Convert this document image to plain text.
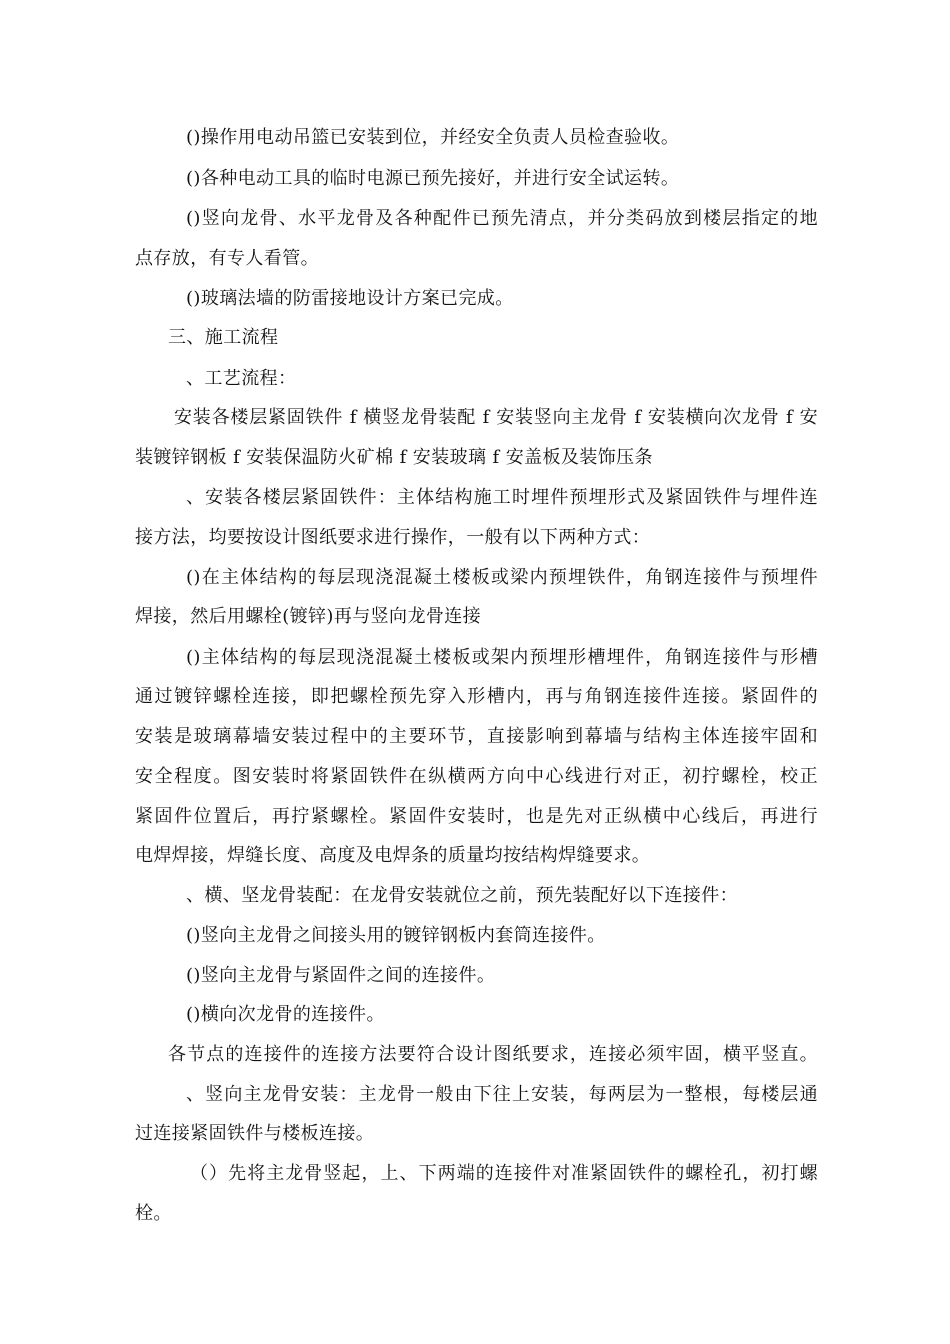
()操作用电动吊篮已安装到位，并经安全负责人员检查验收。
()各种电动工具的临时电源已预先接好，并进行安全试运转。
()竖向龙骨、水平龙骨及各种配件已预先清点，并分类码放到楼层指定的地
点存放，有专人看管。
()玻璃法墙的防雷接地设计方案已完成。
三、施工流程
、工艺流程：
安装各楼层紧固铁件 f 横竖龙骨装配 f 安装竖向主龙骨 f 安装横向次龙骨 f 安
装镀锌钢板 f 安装保温防火矿棉 f 安装玻璃 f 安盖板及装饰压条
、安装各楼层紧固铁件：主体结构施工时埋件预埋形式及紧固铁件与埋件连
接方法，均要按设计图纸要求进行操作，一般有以下两种方式：
()在主体结构的每层现浇混凝土楼板或梁内预埋铁件，角钢连接件与预埋件
焊接，然后用螺栓(镀锌)再与竖向龙骨连接
()主体结构的每层现浇混凝土楼板或架内预埋形槽埋件，角钢连接件与形槽
通过镀锌螺栓连接，即把螺栓预先穿入形槽内，再与角钢连接件连接。紧固件的
安装是玻璃幕墙安装过程中的主要环节，直接影响到幕墙与结构主体连接牢固和
安全程度。图安装时将紧固铁件在纵横两方向中心线进行对正，初拧螺栓，校正
紧固件位置后，再拧紧螺栓。紧固件安装时，也是先对正纵横中心线后，再进行
电焊焊接，焊缝长度、高度及电焊条的质量均按结构焊缝要求。
、横、坚龙骨装配：在龙骨安装就位之前，预先装配好以下连接件：
()竖向主龙骨之间接头用的镀锌钢板内套筒连接件。
()竖向主龙骨与紧固件之间的连接件。
()横向次龙骨的连接件。
各节点的连接件的连接方法要符合设计图纸要求，连接必须牢固，横平竖直。
、竖向主龙骨安装：主龙骨一般由下往上安装，每两层为一整根，每楼层通
过连接紧固铁件与楼板连接。
（）先将主龙骨竖起，上、下两端的连接件对准紧固铁件的螺栓孔，初打螺
栓。
